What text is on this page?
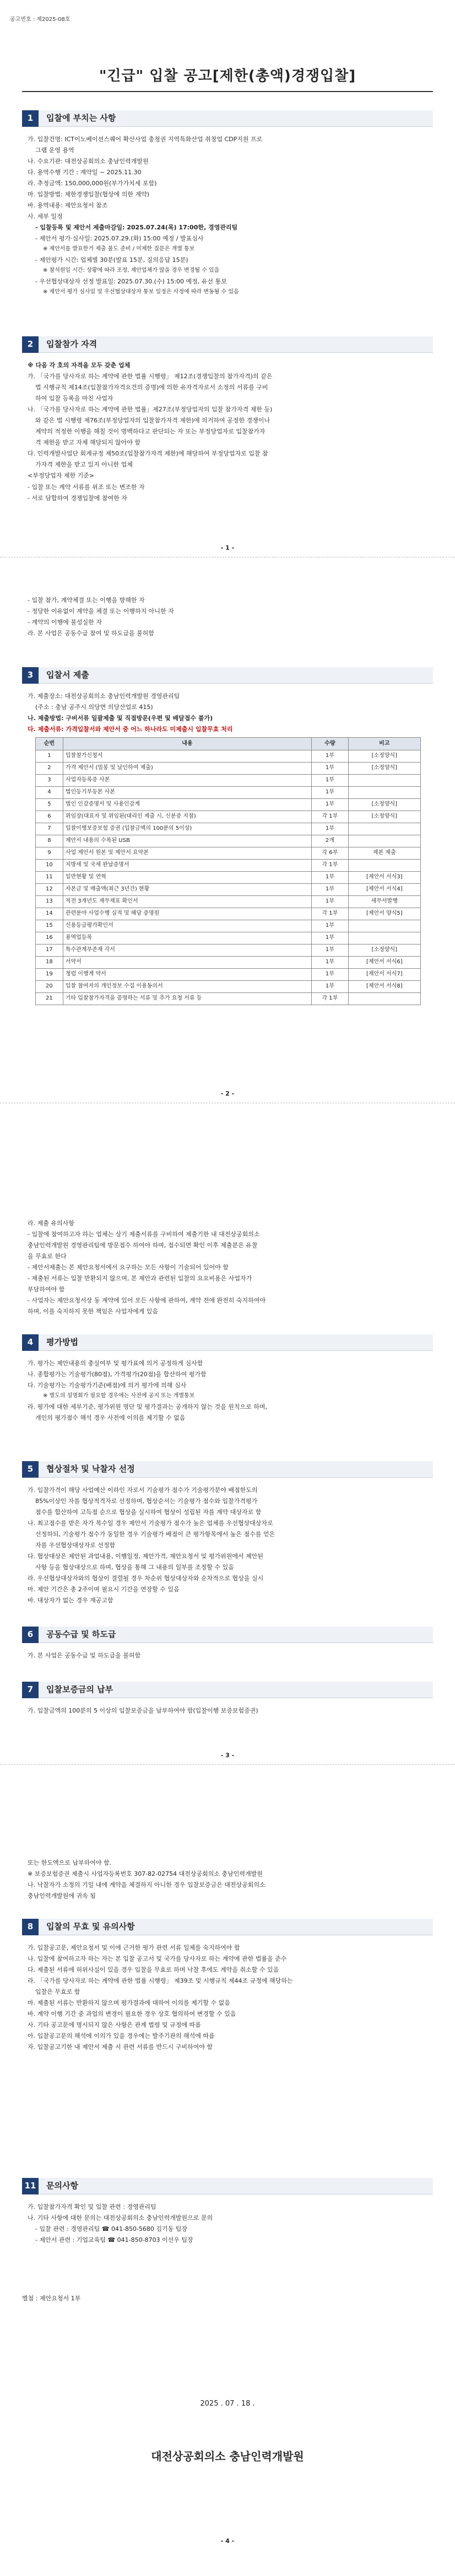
공고번호 : 제2025-08호
"긴급" 입찰 공고[제한(총액)경쟁입찰]
1	입찰에 부치는 사항
가. 입찰건명: ICT이노베이션스퀘어 확산사업 충청권 지역특화산업 취창업 CDP지원 프로
그램 운영 용역
나. 수요기관: 대전상공회의소 충남인력개발원
다. 용역수행 기간 : 계약일 ~ 2025.11.30
라. 추정금액: 150,000,000원(부가가치세 포함)
마. 입찰방법: 제한경쟁입찰(협상에 의한 계약)
바. 용역내용: 제안요청서 참조
사. 세부 일정
- 입찰등록 및 제안서 제출마감일: 2025.07.24(목) 17:00한, 경영관리팀
- 제안서 평가·심사일: 2025.07.29.(화) 15:00 예정 / 발표심사
※ 제안서를 발표한거 제출 불도 준비 / 미제한 질문은 개별 통보
- 제안평가 시간: 업체별 30분(발표 15분, 질의응답 15분)
※ 참석원일 시간: 상황에 따라 조정, 제안업체가 많을 경우 변경될 수 있음
- 우선협상대상자 선정 발표일: 2025.07.30.(수) 15:00 예정, 유선 통보
※ 제안서 평가 심사일 및 우선협상대상자 통보 일정은 사정에 따라 변동될 수 있음
2	입찰참가 자격
※ 다음 각 호의 자격을 모두 갖춘 업체
가. 「국가를 당사자로 하는 계약에 관한 법률 시행령」 제12조(경쟁입찰의 참가자격)의 같은
법 시행규칙 제14조(입찰참가자격요건의 증명)에 의한 유자격자로서 소정의 서류를 구비
하여 입찰 등록을 마친 사업자
나. 「국가를 당사자로 하는 계약에 관한 법률」제27조(부정당업자의 입찰 참가자격 제한 등)
와 같은 법 시행령 제76조(부정당업자의 입찰참가자격 제한)에 의거하여 공정한 경쟁이나
계약의 적정한 이행을 해칠 것이 명백하다고 판단되는 자 또는 부정당업자로 입찰참가자
격 제한을 받고 자체 해당되지 않아야 함
다. 인력개발사업단 회계규정 제50조(입찰참가자격 제한)에 해당하여 부정당업자로 입찰 참
가자격 제한을 받고 있지 아니한 업체
<부정당업자 제한 기준>
- 입찰 또는 계약 서류를 위조 또는 변조한 자
- 서로 담합하여 경쟁입찰에 참여한 자
- 1 -
- 입찰 참가, 계약체결 또는 이행을 방해한 자
- 정당한 이유없이 계약을 체결 또는 이행하지 아니한 자
- 계약의 이행에 불성실한 자
라. 본 사업은 공동수급 참여 및 하도급을 불허함
3	입찰서 제출
가. 제출장소: 대전상공회의소 충남인력개발원 경영관리팀
(주소 : 충남 공주시 의당면 의당산업로 415)
나. 제출방법: 구비서류 일괄제출 및 직접방문(우편 및 배달접수 불가)
다. 제출서류: 가격입찰서와 제안서 중 어느 하나라도 미제출시 입찰무효 처리
순번	내용	수량	비고
1	입찰참가신청서	1부	[소정양식]
2	가격 제안서 (밀봉 및 날인하여 제출)	1부	[소정양식]
3	사업자등록증 사본	1부	
4	법인등기부등본 사본	1부	
5	법인 인감증명서 및 사용인감계	1부	[소정양식]
6	위임장(대표자 및 위임된(대리인 제출 시, 신분증 지참)	각 1부	[소정양식]
7	입찰이행보증보험 증권 (입찰금액의 100분의 5이상)	1부	
8	제안서 내용의 수록된 USB	2개	
9	사업 제안서 원본 및 제안서 요약본	각 6부	제본 제출
10	지방세 및 국세 완납증명서	각 1부	
11	일반현황 및 연혁	1부	[제안서 서식3]
12	자본금 및 매출액(최근 3년간) 현황	1부	[제안서 서식4]
13	직전 3개년도 재무제표 확인서	1부	세무서발행
14	관련분야 사업수행 실적 및 해당 증명원	각 1부	[제안서 양식5]
15	신용등급평가확인서	1부	
16	용역업등록	1부	
17	특수관계부존재 각서	1부	[소정양식]
18	서약서	1부	[제안서 서식6]
19	청렴 이행계 약서	1부	[제안서 서식7]
20	입찰 참여자의 개인정보 수집 이용동의서	1부	[제안서 서식8]
21	기타 입찰참가자격을 증명하는 서류 및 추가 요청 서류 등	각 1부	
- 2 -
라. 제출 유의사항
- 입찰에 참여하고자 하는 업체는 상기 제출서류를 구비하여 제출기한 내 대전상공회의소
충남인력개발원 경영관리팀에 방문접수 하여야 하며, 접수되면 확인 이후 제출분은 유찰
을 무효로 한다
- 제안서제출는 본 제안요청서에서 요구하는 모든 사항이 기술되어 있어야 함
- 제출된 서류는 입찰 반환되지 않으며, 본 제안과 관련된 입찰의 요요비용은 사업자가
부담하여야 함
- 사업자는 제안요청서상 동 계약에 있어 모든 사항에 관하여, 계약 전에 완전히 숙지하여야
하며, 이를 숙지하지 못한 책임은 사업자에게 있음
4	평가방법
가. 평가는 제안내용의 충실여부 및 평가표에 의거 공정하게 심사함
나. 종합평가는 기술평가(80점), 가격평가(20점)을 합산하여 평가함
다. 기술평가는 기술평가기준(배점)에 의거 평가에 의해 심사
※ 별도의 설명회가 필요할 경우에는 사전에 공지 또는 개별통보
라. 평가에 대한 세부기준, 평가위원 명단 및 평가결과는 공개하지 않는 것을 원칙으로 하며,
개인의 평가점수 해석 경우 사전에 이의를 제기할 수 없음
5	협상절차 및 낙찰자 선정
가. 입찰가격이 해당 사업예산 이하인 자로서 기술평가 점수가 기술평가분야 배점한도의
85%이상인 자를 협상적격자로 선정하며, 협상순서는 기술평가 점수와 입찰가격평가
점수를 합산하여 고득점 순으로 협상을 실시하여 협상이 성립된 자를 계약 대상자로 함
나. 최고점수를 받은 자가 복수일 경우 제안서 기술평가 점수가 높은 업체를 우선협상대상자로
선정하되, 기술평가 점수가 동일한 경우 기술평가 배점이 큰 평가항목에서 높은 점수를 얻은
자를 우선협상대상자로 선정함
다. 협상대상은 제안된 과업내용, 이행일정, 제안가격, 제안요청서 및 평가위원에서 제안된
사항 등을 협상대상으로 하며, 협상을 통해 그 내용의 일부를 조정할 수 있음
라. 우선협상대상자와의 협상이 결렬될 경우 차순위 협상대상자와 순차적으로 협상을 실시
마. 제안 기간은 총 2주이며 필요시 기간을 연장할 수 있음
바. 대상자가 없는 경우 재공고함
6	공동수급 및 하도급
가. 본 사업은 공동수급 및 하도급을 불허함
7	입찰보증금의 납부
가. 입찰금액의 100분의 5 이상의 입찰보증금을 납부하여야 함(입찰이행 보증보험증권)
- 3 -
또는 한도액으로 납부하여야 함.
※ 보증보험증권 제출시 사업자등록번호 307-82-02754 대전상공회의소 충남인력개발원
나. 낙찰자가 소정의 기일 내에 계약을 체결하지 아니한 경우 입찰보증금은 대전상공회의소
충남인력개발원에 귀속 됨
8	입찰의 무효 및 유의사항
가. 입찰공고문, 제안요청서 및 이에 근거한 평가 관련 서류 일체를 숙지하여야 함
나. 입찰에 참여하고자 하는 자는 본 입찰 공고서 및 국가를 당사자로 하는 계약에 관한 법률을 준수
다. 제출된 서류에 허위사실이 있을 경우 입찰을 무효로 하며 낙찰 후에도 계약을 취소할 수 있음
라. 「국가를 당사자로 하는 계약에 관한 법률 시행령」 제39조 및 시행규칙 제44조 규정에 해당하는
입찰은 무효로 함
마. 제출된 서류는 반환하지 않으며 평가결과에 대하여 이의를 제기할 수 없음
바. 계약 이행 기간 중 과업의 변경이 필요한 경우 상호 협의하여 변경할 수 있음
사. 기타 공고문에 명시되지 않은 사항은 관계 법령 및 규정에 따름
아. 입찰공고문의 해석에 이의가 있을 경우에는 발주기관의 해석에 따름
자. 입찰공고기한 내 제안서 제출 시 관련 서류를 반드시 구비하여야 함
11	문의사항
가. 입찰참가자격 확인 및 입찰 관련 : 경영관리팀
나. 기타 사항에 대한 문의는 대전상공회의소 충남인력개발원으로 문의
- 입찰 관련 : 경영관리팀 ☎ 041-850-5680 김기동 팀장
- 제안서 관련 : 기업교육팀 ☎ 041-850-8703 이선우 팀장
별첨 : 제안요청서 1부
2025 . 07 . 18 .
대전상공회의소 충남인력개발원
- 4 -
